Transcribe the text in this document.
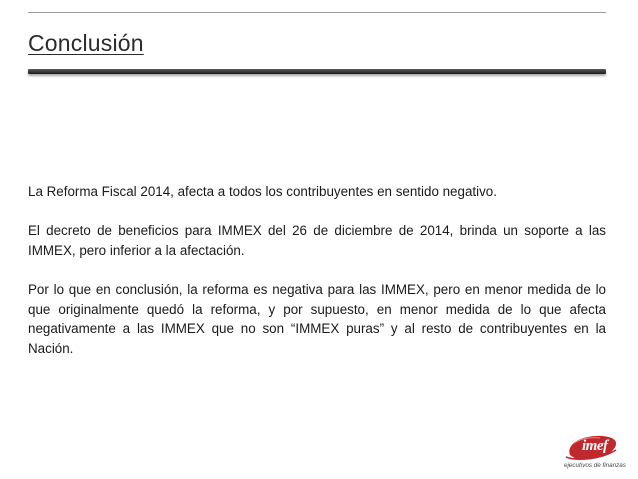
Conclusión

La Reforma Fiscal 2014, afecta a todos los contribuyentes en sentido negativo.

El decreto de beneficios para IMMEX del 26 de diciembre de 2014, brinda un soporte a las IMMEX, pero inferior a la afectación.

Por lo que en conclusión, la reforma es negativa para las IMMEX, pero en menor medida de lo que originalmente quedó la reforma, y por supuesto, en menor medida de lo que afecta negativamente a las IMMEX que no son “IMMEX puras” y al resto de contribuyentes en la Nación.

imef
ejecutivos de finanzas
